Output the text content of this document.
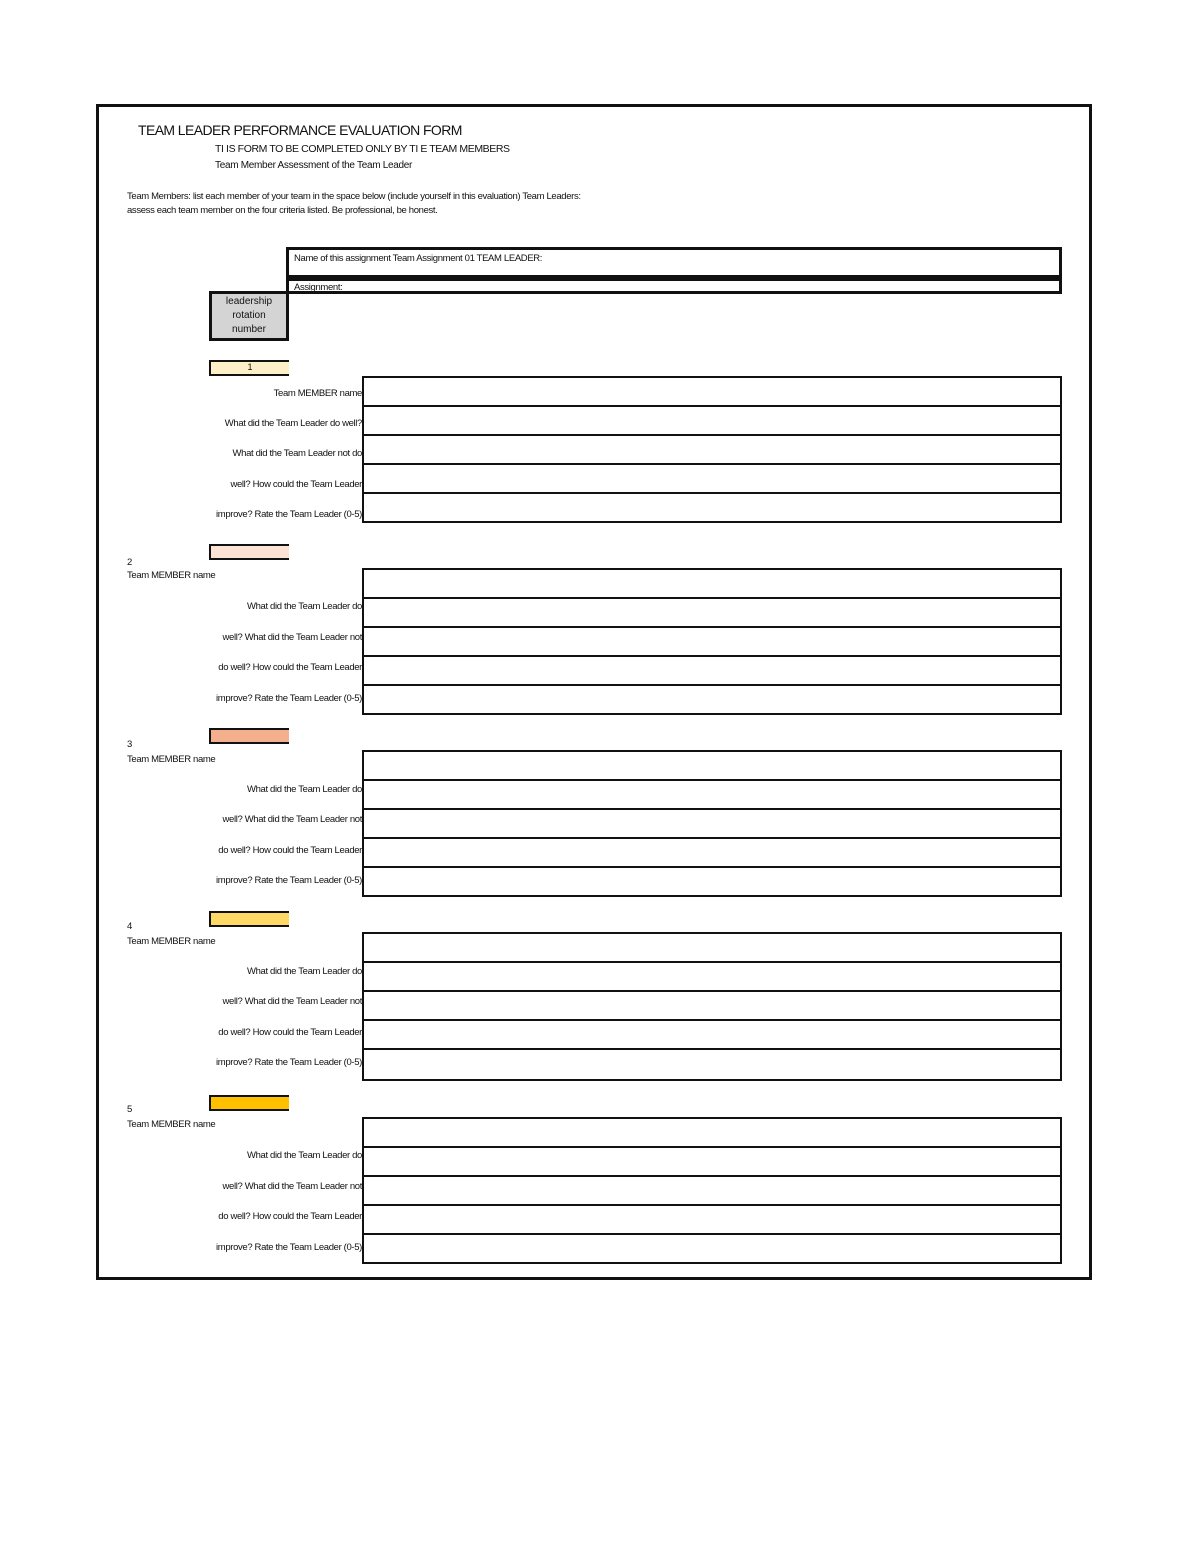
TEAM LEADER PERFORMANCE EVALUATION FORM
TI IS FORM TO BE COMPLETED ONLY BY TI E TEAM MEMBERS
Team Member Assessment of the Team Leader
Team Members: list each member of your team in the space below (include yourself in this evaluation) Team Leaders:
assess each team member on the four criteria listed. Be professional, be honest.
Name of this assignment Team Assignment 01 TEAM LEADER:
Assignment:
leadership
rotation
number
1
Team MEMBER name
What did the Team Leader do well?
What did the Team Leader not do
well? How could the Team Leader
improve? Rate the Team Leader (0-5)
2
Team MEMBER name
What did the Team Leader do
well? What did the Team Leader not
do well? How could the Team Leader
improve? Rate the Team Leader (0-5)
3
Team MEMBER name
What did the Team Leader do
well? What did the Team Leader not
do well? How could the Team Leader
improve? Rate the Team Leader (0-5)
4
Team MEMBER name
What did the Team Leader do
well? What did the Team Leader not
do well? How could the Team Leader
improve? Rate the Team Leader (0-5)
5
Team MEMBER name
What did the Team Leader do
well? What did the Team Leader not
do well? How could the Team Leader
improve? Rate the Team Leader (0-5)
